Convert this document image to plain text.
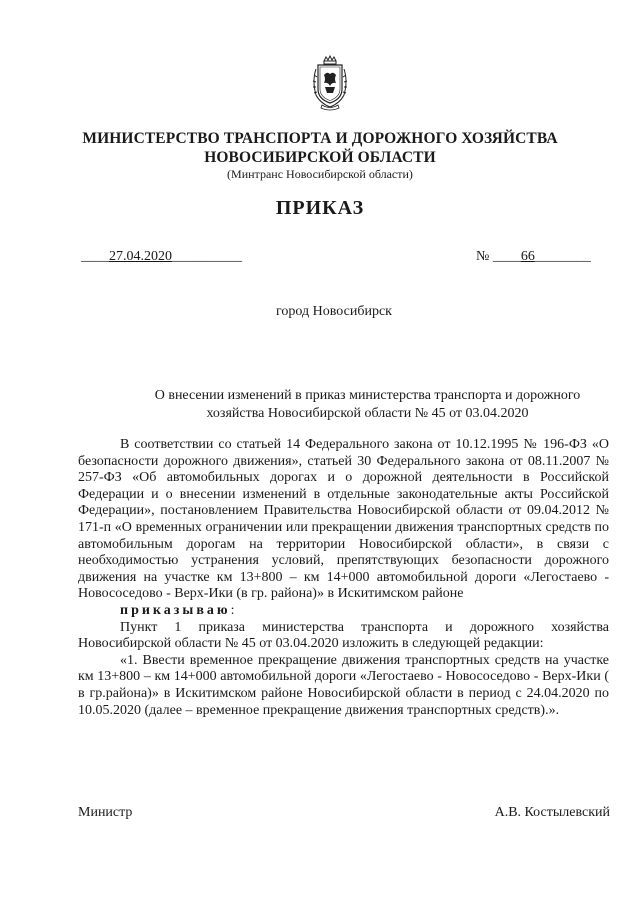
МИНИСТЕРСТВО ТРАНСПОРТА И ДОРОЖНОГО ХОЗЯЙСТВА
НОВОСИБИРСКОЙ ОБЛАСТИ
(Минтранс Новосибирской области)
ПРИКАЗ
____27.04.2020__________	№ ____66________
город Новосибирск
О внесении изменений в приказ министерства транспорта и дорожного
хозяйства Новосибирской области № 45 от 03.04.2020

В соответствии со статьей 14 Федерального закона от 10.12.1995 № 196-ФЗ «О безопасности дорожного движения», статьей 30 Федерального закона от 08.11.2007 № 257-ФЗ «Об автомобильных дорогах и о дорожной деятельности в Российской Федерации и о внесении изменений в отдельные законодательные акты Российской Федерации», постановлением Правительства Новосибирской области от 09.04.2012 № 171-п «О временных ограничении или прекращении движения транспортных средств по автомобильным дорогам на территории Новосибирской области», в связи с необходимостью устранения условий, препятствующих безопасности дорожного движения на участке км 13+800 – км 14+000 автомобильной дороги «Легостаево - Новососедово - Верх-Ики (в гр. района)» в Искитимском районе

приказываю:

Пункт 1 приказа министерства транспорта и дорожного хозяйства Новосибирской области № 45 от 03.04.2020 изложить в следующей редакции:

«1. Ввести временное прекращение движения транспортных средств на участке км 13+800 – км 14+000 автомобильной дороги «Легостаево - Новососедово - Верх-Ики ( в гр.района)» в Искитимском районе Новосибирской области в период с 24.04.2020 по 10.05.2020 (далее – временное прекращение движения транспортных средств).».

Министр	А.В. Костылевский
